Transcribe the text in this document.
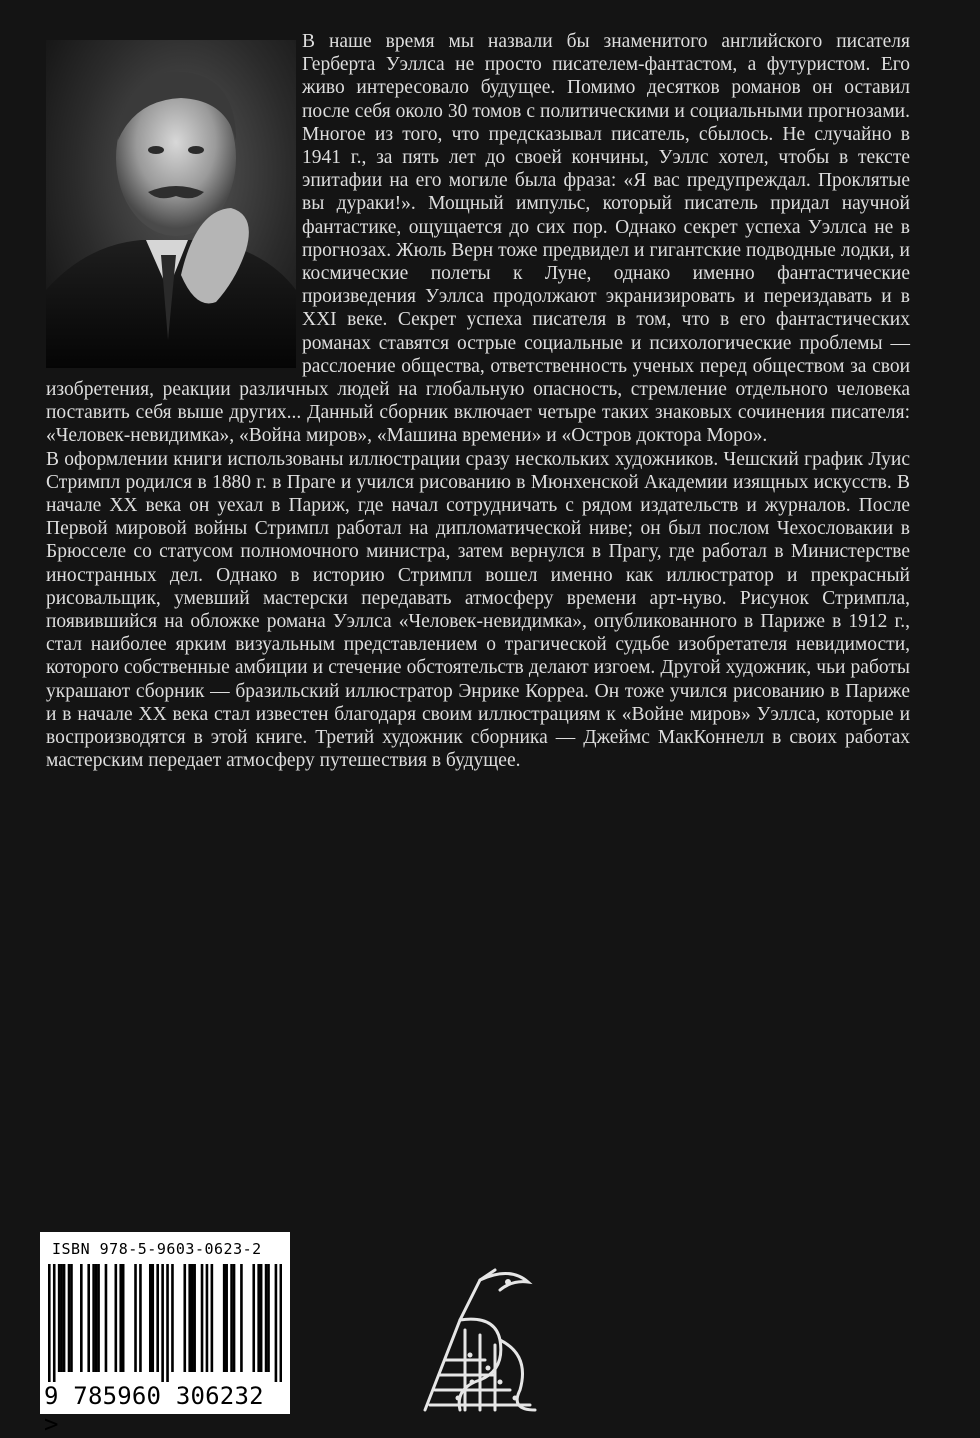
В наше время мы назвали бы знаменитого английского писателя Герберта Уэллса не просто писателем-фантастом, а футуристом. Его живо интересовало будущее. Помимо десятков романов он оставил после себя около 30 томов с политическими и социальными прогнозами. Многое из того, что предсказывал писатель, сбылось. Не случайно в 1941 г., за пять лет до своей кончины, Уэллс хотел, чтобы в тексте эпитафии на его могиле была фраза: «Я вас предупреждал. Проклятые вы дураки!». Мощный импульс, который писатель придал научной фантастике, ощущается до сих пор. Однако секрет успеха Уэллса не в прогнозах. Жюль Верн тоже предвидел и гигантские подводные лодки, и космические полеты к Луне, однако именно фантастические произведения Уэллса продолжают экранизировать и переиздавать и в XXI веке. Секрет успеха писателя в том, что в его фантастических романах ставятся острые социальные и психологические проблемы — расслоение общества, ответственность ученых перед обществом за свои изобретения, реакции различных людей на глобальную опасность, стремление отдельного человека поставить себя выше других... Данный сборник включает четыре таких знаковых сочинения писателя: «Человек-невидимка», «Война миров», «Машина времени» и «Остров доктора Моро».

В оформлении книги использованы иллюстрации сразу нескольких художников. Чешский график Луис Стримпл родился в 1880 г. в Праге и учился рисованию в Мюнхенской Академии изящных искусств. В начале XX века он уехал в Париж, где начал сотрудничать с рядом издательств и журналов. После Первой мировой войны Стримпл работал на дипломатической ниве; он был послом Чехословакии в Брюсселе со статусом полномочного министра, затем вернулся в Прагу, где работал в Министерстве иностранных дел. Однако в историю Стримпл вошел именно как иллюстратор и прекрасный рисовальщик, умевший мастерски передавать атмосферу времени арт-нуво. Рисунок Стримпла, появившийся на обложке романа Уэллса «Человек-невидимка», опубликованного в Париже в 1912 г., стал наиболее ярким визуальным представлением о трагической судьбе изобретателя невидимости, которого собственные амбиции и стечение обстоятельств делают изгоем. Другой художник, чьи работы украшают сборник — бразильский иллюстратор Энрике Корреа. Он тоже учился рисованию в Париже и в начале XX века стал известен благодаря своим иллюстрациям к «Войне миров» Уэллса, которые и воспроизводятся в этой книге. Третий художник сборника — Джеймс МакКоннелл в своих работах мастерским передает атмосферу путешествия в будущее.

ISBN 978-5-9603-0623-2
9 785960 306232 >
